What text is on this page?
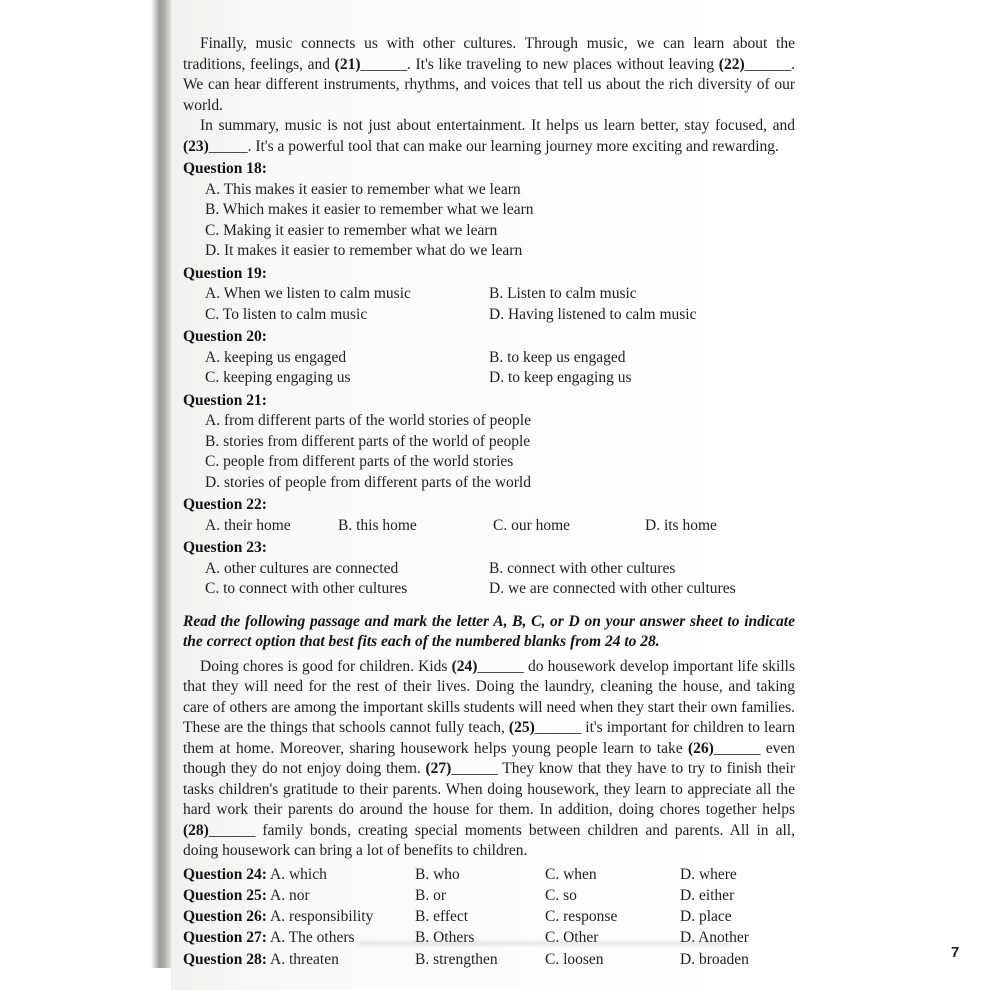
Finally, music connects us with other cultures. Through music, we can learn about the traditions, feelings, and (21)______. It's like traveling to new places without leaving (22)______. We can hear different instruments, rhythms, and voices that tell us about the rich diversity of our world.

In summary, music is not just about entertainment. It helps us learn better, stay focused, and (23)_____. It's a powerful tool that can make our learning journey more exciting and rewarding.

Question 18:
A. This makes it easier to remember what we learn
B. Which makes it easier to remember what we learn
C. Making it easier to remember what we learn
D. It makes it easier to remember what do we learn
Question 19:
A. When we listen to calm music	B. Listen to calm music
C. To listen to calm music	D. Having listened to calm music
Question 20:
A. keeping us engaged	B. to keep us engaged
C. keeping engaging us	D. to keep engaging us
Question 21:
A. from different parts of the world stories of people
B. stories from different parts of the world of people
C. people from different parts of the world stories
D. stories of people from different parts of the world
Question 22:
A. their home	B. this home	C. our home	D. its home
Question 23:
A. other cultures are connected	B. connect with other cultures
C. to connect with other cultures	D. we are connected with other cultures

Read the following passage and mark the letter A, B, C, or D on your answer sheet to indicate the correct option that best fits each of the numbered blanks from 24 to 28.

Doing chores is good for children. Kids (24)______ do housework develop important life skills that they will need for the rest of their lives. Doing the laundry, cleaning the house, and taking care of others are among the important skills students will need when they start their own families. These are the things that schools cannot fully teach, (25)______ it's important for children to learn them at home. Moreover, sharing housework helps young people learn to take (26)______ even though they do not enjoy doing them. (27)______ They know that they have to try to finish their tasks children's gratitude to their parents. When doing housework, they learn to appreciate all the hard work their parents do around the house for them. In addition, doing chores together helps (28)______ family bonds, creating special moments between children and parents. All in all, doing housework can bring a lot of benefits to children.

Question 24: A. which	B. who	C. when	D. where
Question 25: A. nor	B. or	C. so	D. either
Question 26: A. responsibility	B. effect	C. response	D. place
Question 27: A. The others	B. Others	C. Other	D. Another
Question 28: A. threaten	B. strengthen	C. loosen	D. broaden	7
